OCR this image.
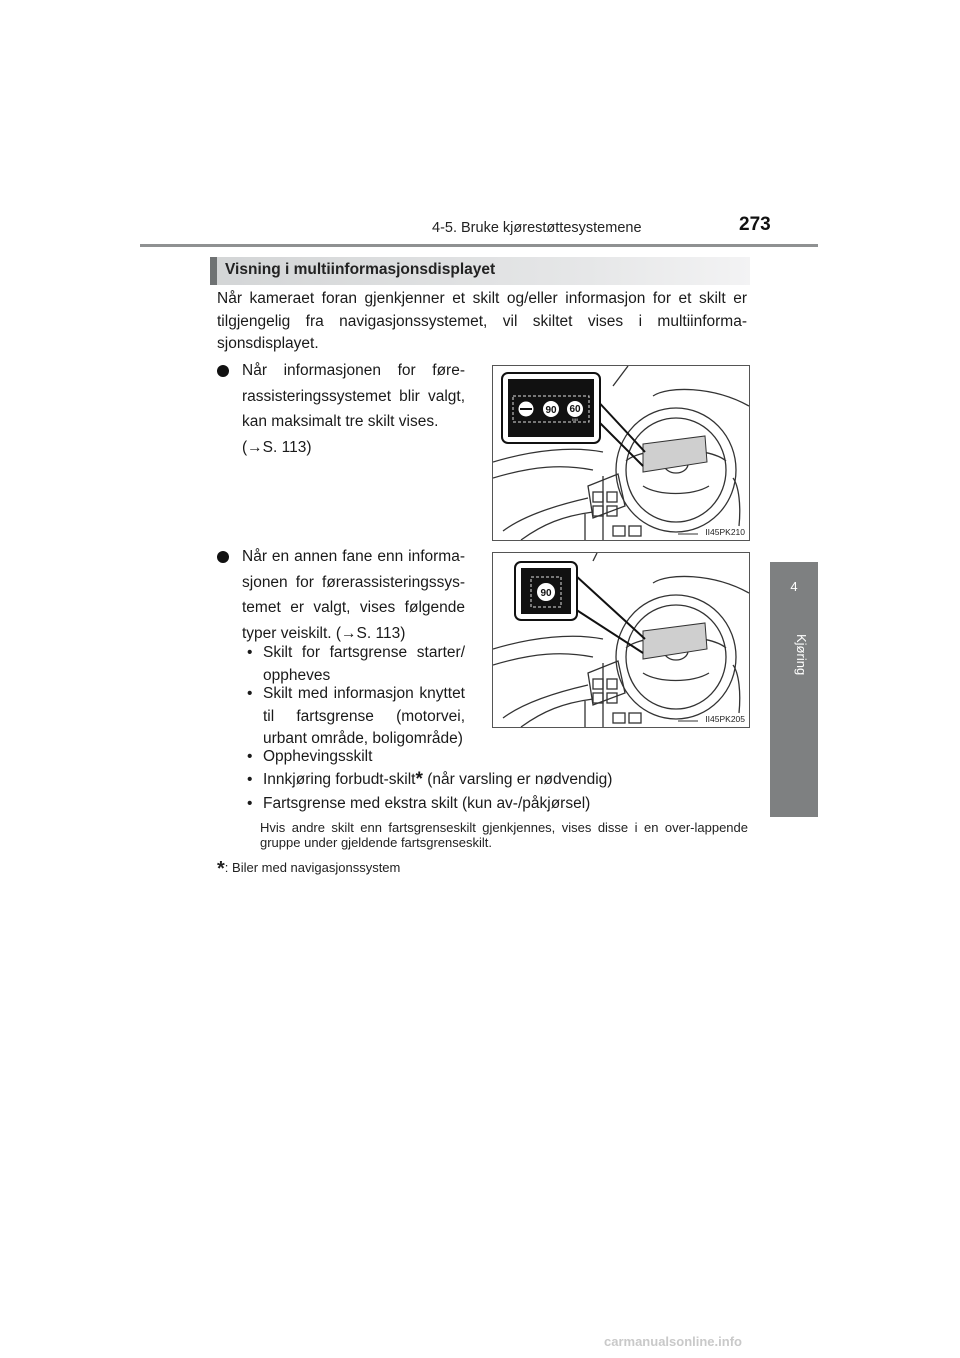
4-5. Bruke kjørestøttesystemene	273
4
Kjøring
Visning i multiinformasjonsdisplayet
Når kameraet foran gjenkjenner et skilt og/eller informasjon for et skilt er tilgjengelig fra navigasjonssystemet, vil skiltet vises i multiinforma-sjonsdisplayet.
Når informasjonen for føre-
rassisteringssystemet blir valgt,
kan maksimalt tre skilt vises.
(→S. 113)
90 60
IIIII
II45PK210
Når en annen fane enn informa-
sjonen for førerassisteringssys-
temet er valgt, vises følgende
typer veiskilt. (→S. 113)
• Skilt for fartsgrense starter/
oppheves
• Skilt med informasjon knyttet
til fartsgrense (motorvei,
urbant område, boligområde)
• Opphevingsskilt
• Innkjøring forbudt-skilt* (når varsling er nødvendig)
• Fartsgrense med ekstra skilt (kun av-/påkjørsel)
90
II45PK205
Hvis andre skilt enn fartsgrenseskilt gjenkjennes, vises disse i en over-lappende gruppe under gjeldende fartsgrenseskilt.
*: Biler med navigasjonssystem
carmanualsonline.info
